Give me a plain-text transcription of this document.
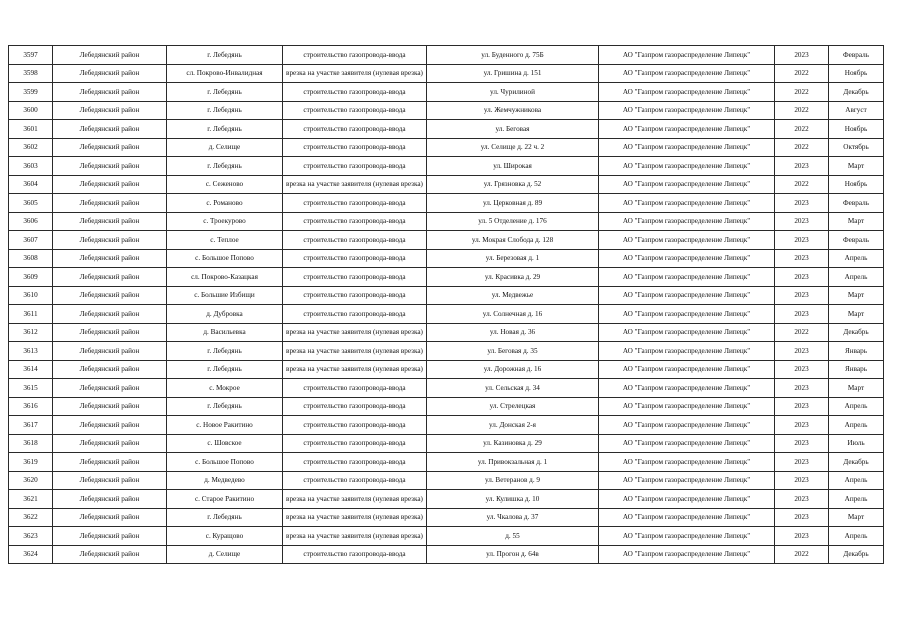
3597	Лебедянский район	г. Лебедянь	строительство газопровода-ввода	ул. Буденного д. 75Б	АО "Газпром газораспределение Липецк"	2023	Февраль
3598	Лебедянский район	сл. Покрово-Инвалидная	врезка на участке заявителя (нулевая врезка)	ул. Гришина д. 151	АО "Газпром газораспределение Липецк"	2022	Ноябрь
3599	Лебедянский район	г. Лебедянь	строительство газопровода-ввода	ул. Чурилиной	АО "Газпром газораспределение Липецк"	2022	Декабрь
3600	Лебедянский район	г. Лебедянь	строительство газопровода-ввода	ул. Жемчужникова	АО "Газпром газораспределение Липецк"	2022	Август
3601	Лебедянский район	г. Лебедянь	строительство газопровода-ввода	ул. Беговая	АО "Газпром газораспределение Липецк"	2022	Ноябрь
3602	Лебедянский район	д. Селищe	строительство газопровода-ввода	ул. Селище д. 22 ч. 2	АО "Газпром газораспределение Липецк"	2022	Октябрь
3603	Лебедянский район	г. Лебедянь	строительство газопровода-ввода	ул. Широкая	АО "Газпром газораспределение Липецк"	2023	Март
3604	Лебедянский район	с. Сеженово	врезка на участке заявителя (нулевая врезка)	ул. Грязновка д. 52	АО "Газпром газораспределение Липецк"	2022	Ноябрь
3605	Лебедянский район	с. Романово	строительство газопровода-ввода	ул. Церковная д. 89	АО "Газпром газораспределение Липецк"	2023	Февраль
3606	Лебедянский район	с. Троекурово	строительство газопровода-ввода	ул. 5 Отделение д. 176	АО "Газпром газораспределение Липецк"	2023	Март
3607	Лебедянский район	с. Теплое	строительство газопровода-ввода	ул. Мокрая Слобода д. 128	АО "Газпром газораспределение Липецк"	2023	Февраль
3608	Лебедянский район	с. Большое Попово	строительство газопровода-ввода	ул. Березовая д. 1	АО "Газпром газораспределение Липецк"	2023	Апрель
3609	Лебедянский район	сл. Покрово-Казацкая	строительство газопровода-ввода	ул. Красивка д. 29	АО "Газпром газораспределение Липецк"	2023	Апрель
3610	Лебедянский район	с. Большие Избищи	строительство газопровода-ввода	ул. Медвежье	АО "Газпром газораспределение Липецк"	2023	Март
3611	Лебедянский район	д. Дубровка	строительство газопровода-ввода	ул. Солнечная д. 16	АО "Газпром газораспределение Липецк"	2023	Март
3612	Лебедянский район	д. Васильевка	врезка на участке заявителя (нулевая врезка)	ул. Новая д. 36	АО "Газпром газораспределение Липецк"	2022	Декабрь
3613	Лебедянский район	г. Лебедянь	врезка на участке заявителя (нулевая врезка)	ул. Беговая д. 35	АО "Газпром газораспределение Липецк"	2023	Январь
3614	Лебедянский район	г. Лебедянь	врезка на участке заявителя (нулевая врезка)	ул. Дорожная д. 16	АО "Газпром газораспределение Липецк"	2023	Январь
3615	Лебедянский район	с. Мокрое	строительство газопровода-ввода	ул. Сельская д. 34	АО "Газпром газораспределение Липецк"	2023	Март
3616	Лебедянский район	г. Лебедянь	строительство газопровода-ввода	ул. Стрелецкая	АО "Газпром газораспределение Липецк"	2023	Апрель
3617	Лебедянский район	с. Новое Ракитино	строительство газопровода-ввода	ул. Донская 2-я	АО "Газпром газораспределение Липецк"	2023	Апрель
3618	Лебедянский район	с. Шовское	строительство газопровода-ввода	ул. Казиновка д. 29	АО "Газпром газораспределение Липецк"	2023	Июль
3619	Лебедянский район	с. Большое Попово	строительство газопровода-ввода	ул. Привокзальная д. 1	АО "Газпром газораспределение Липецк"	2023	Декабрь
3620	Лебедянский район	д. Медведево	строительство газопровода-ввода	ул. Ветеранов д. 9	АО "Газпром газораспределение Липецк"	2023	Апрель
3621	Лебедянский район	с. Старое Ракитино	врезка на участке заявителя (нулевая врезка)	ул. Кулишка д. 10	АО "Газпром газораспределение Липецк"	2023	Апрель
3622	Лебедянский район	г. Лебедянь	врезка на участке заявителя (нулевая врезка)	ул. Чкалова д. 37	АО "Газпром газораспределение Липецк"	2023	Март
3623	Лебедянский район	с. Куращово	врезка на участке заявителя (нулевая врезка)	д. 55	АО "Газпром газораспределение Липецк"	2023	Апрель
3624	Лебедянский район	д. Селище	строительство газопровода-ввода	ул. Прогон д. 64в	АО "Газпром газораспределение Липецк"	2022	Декабрь
